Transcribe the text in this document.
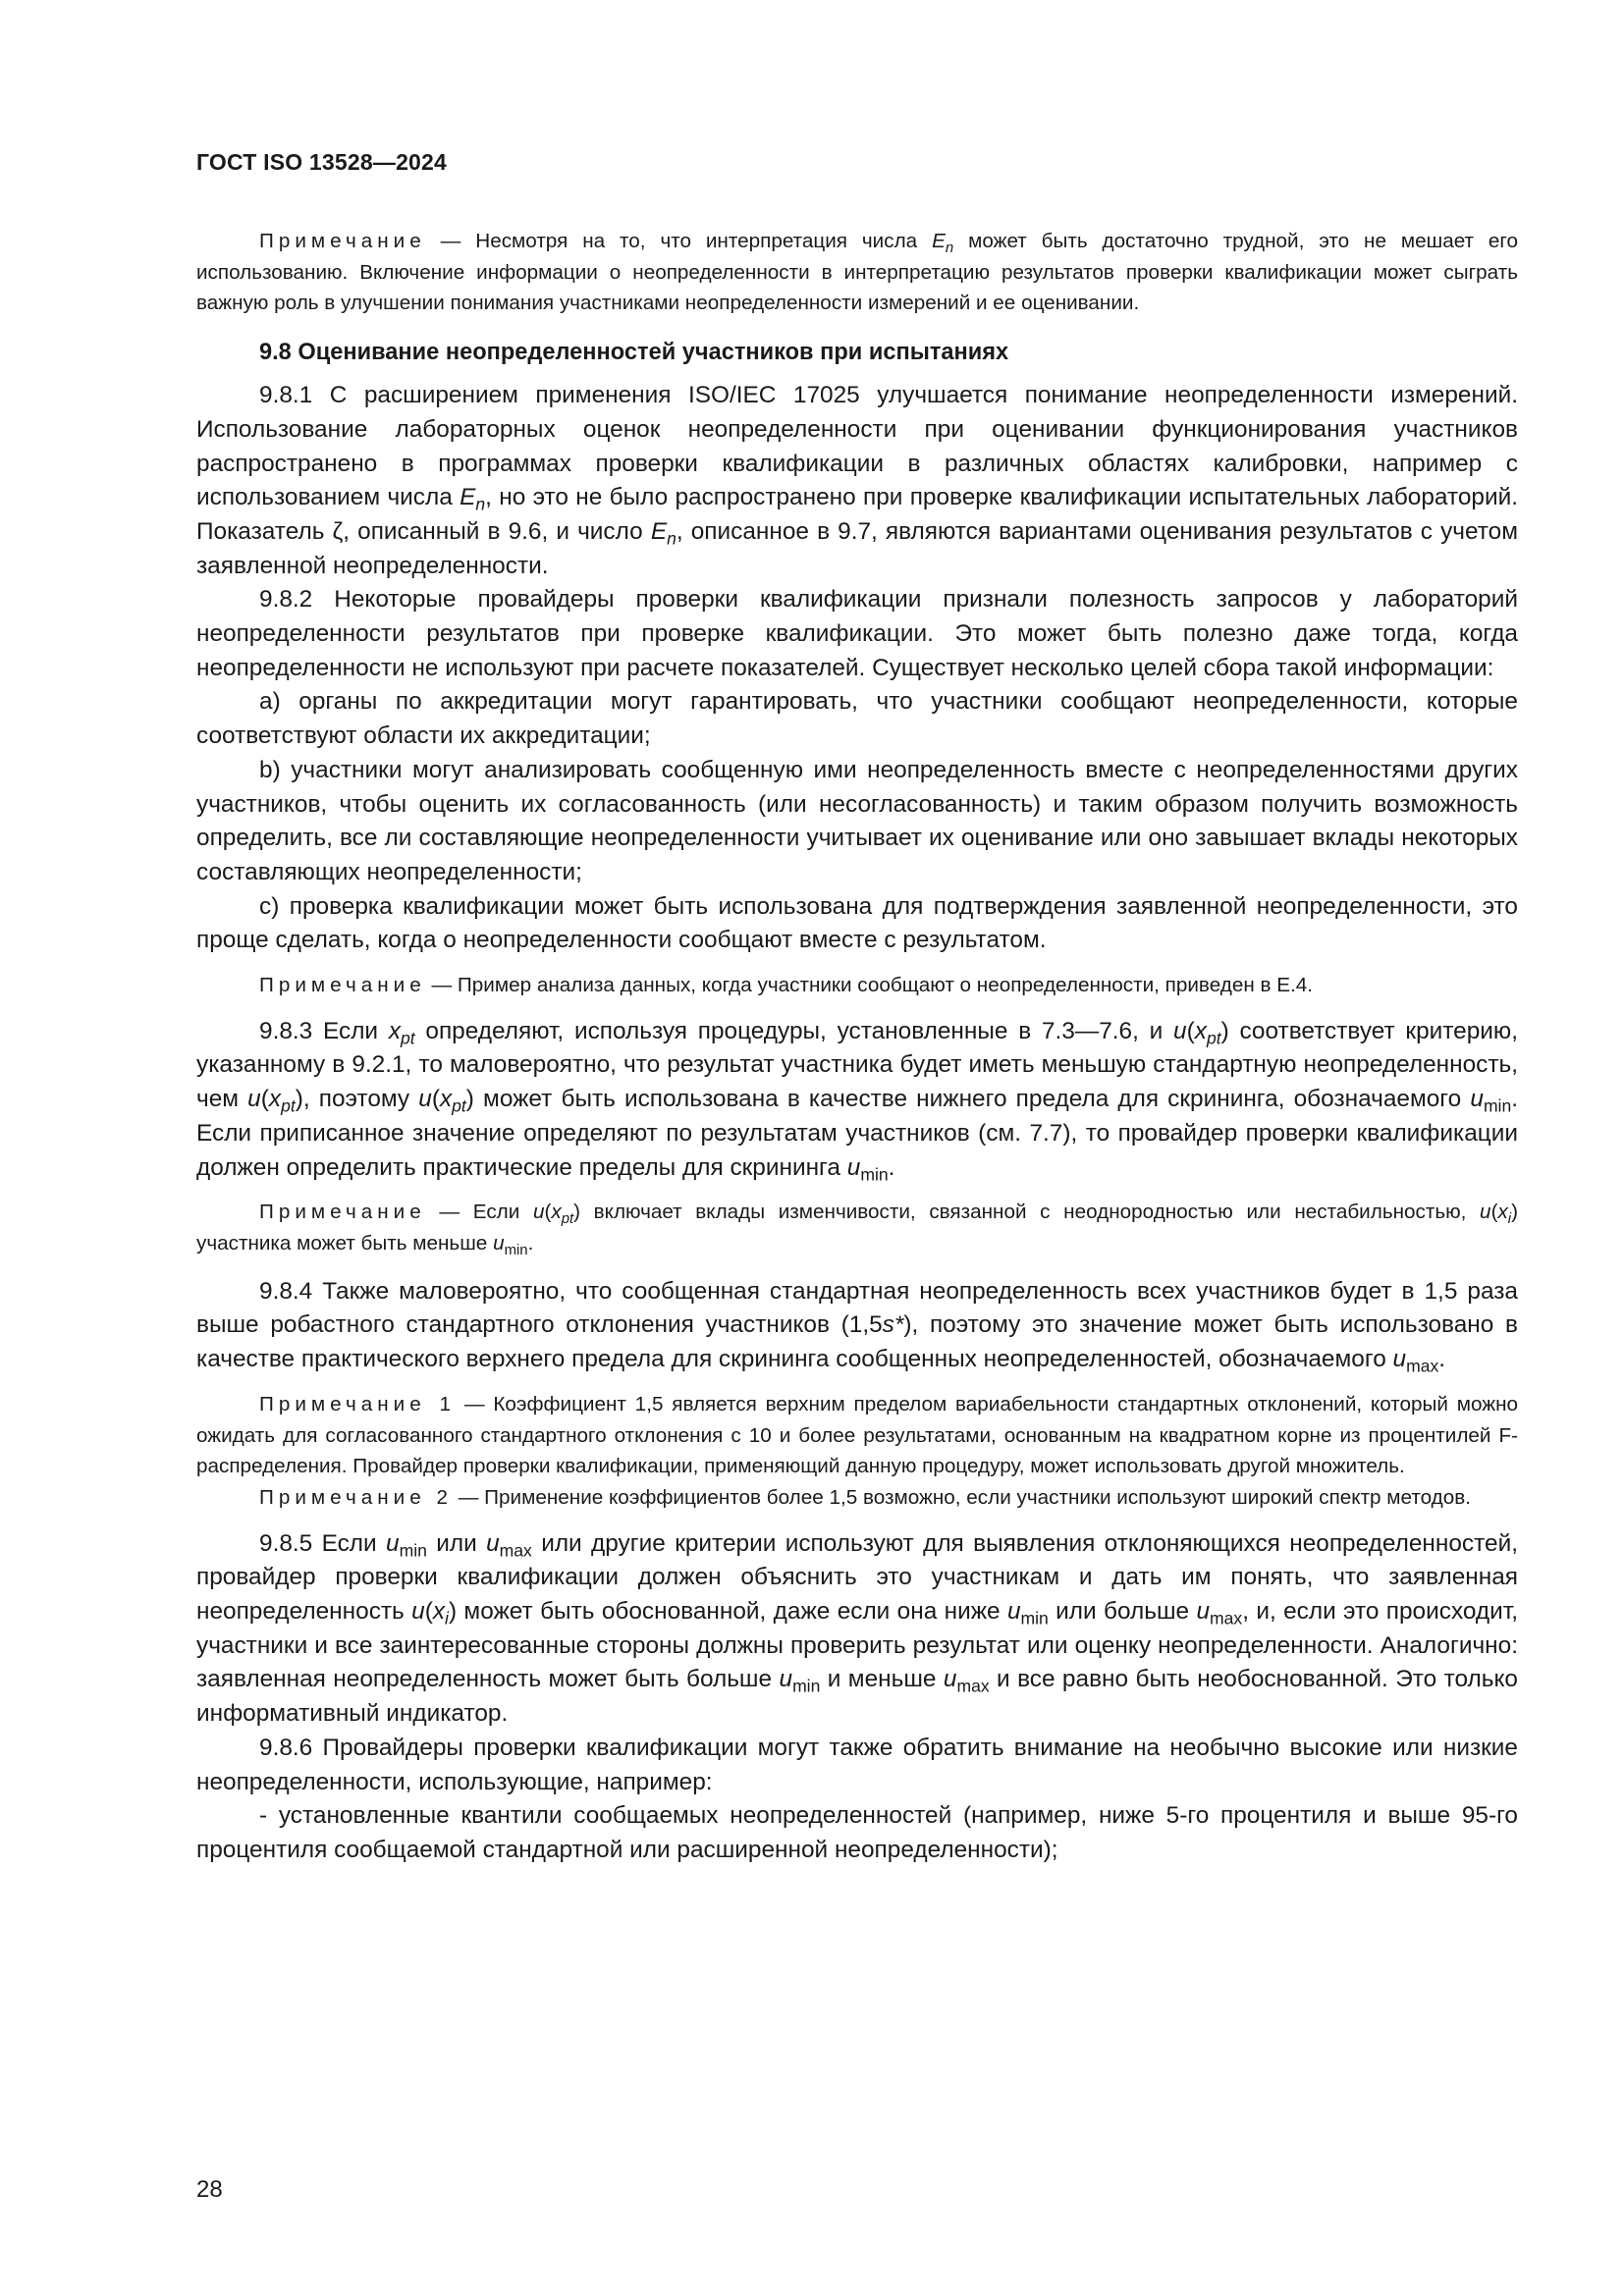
ГОСТ ISO 13528—2024

Примечание — Несмотря на то, что интерпретация числа $E_n$ может быть достаточно трудной, это не мешает его использованию. Включение информации о неопределенности в интерпретацию результатов проверки квалификации может сыграть важную роль в улучшении понимания участниками неопределенности измерений и ее оценивании.

9.8 Оценивание неопределенностей участников при испытаниях

9.8.1 С расширением применения ISO/IEC 17025 улучшается понимание неопределенности измерений. Использование лабораторных оценок неопределенности при оценивании функционирования участников распространено в программах проверки квалификации в различных областях калибровки, например с использованием числа $E_n$, но это не было распространено при проверке квалификации испытательных лабораторий. Показатель ζ, описанный в 9.6, и число $E_n$, описанное в 9.7, являются вариантами оценивания результатов с учетом заявленной неопределенности.

9.8.2 Некоторые провайдеры проверки квалификации признали полезность запросов у лабораторий неопределенности результатов при проверке квалификации. Это может быть полезно даже тогда, когда неопределенности не используют при расчете показателей. Существует несколько целей сбора такой информации:

a) органы по аккредитации могут гарантировать, что участники сообщают неопределенности, которые соответствуют области их аккредитации;

b) участники могут анализировать сообщенную ими неопределенность вместе с неопределенностями других участников, чтобы оценить их согласованность (или несогласованность) и таким образом получить возможность определить, все ли составляющие неопределенности учитывает их оценивание или оно завышает вклады некоторых составляющих неопределенности;

c) проверка квалификации может быть использована для подтверждения заявленной неопределенности, это проще сделать, когда о неопределенности сообщают вместе с результатом.

Примечание — Пример анализа данных, когда участники сообщают о неопределенности, приведен в Е.4.

9.8.3 Если $x_{pt}$ определяют, используя процедуры, установленные в 7.3—7.6, и $u(x_{pt})$ соответствует критерию, указанному в 9.2.1, то маловероятно, что результат участника будет иметь меньшую стандартную неопределенность, чем $u(x_{pt})$, поэтому $u(x_{pt})$ может быть использована в качестве нижнего предела для скрининга, обозначаемого $u_{min}$. Если приписанное значение определяют по результатам участников (см. 7.7), то провайдер проверки квалификации должен определить практические пределы для скрининга $u_{min}$.

Примечание — Если $u(x_{pt})$ включает вклады изменчивости, связанной с неоднородностью или нестабильностью, $u(x_i)$ участника может быть меньше $u_{min}$.

9.8.4 Также маловероятно, что сообщенная стандартная неопределенность всех участников будет в 1,5 раза выше робастного стандартного отклонения участников (1,5s*), поэтому это значение может быть использовано в качестве практического верхнего предела для скрининга сообщенных неопределенностей, обозначаемого $u_{max}$.

Примечание 1 — Коэффициент 1,5 является верхним пределом вариабельности стандартных отклонений, который можно ожидать для согласованного стандартного отклонения с 10 и более результатами, основанным на квадратном корне из процентилей F-распределения. Провайдер проверки квалификации, применяющий данную процедуру, может использовать другой множитель.

Примечание 2 — Применение коэффициентов более 1,5 возможно, если участники используют широкий спектр методов.

9.8.5 Если $u_{min}$ или $u_{max}$ или другие критерии используют для выявления отклоняющихся неопределенностей, провайдер проверки квалификации должен объяснить это участникам и дать им понять, что заявленная неопределенность $u(x_i)$ может быть обоснованной, даже если она ниже $u_{min}$ или больше $u_{max}$, и, если это происходит, участники и все заинтересованные стороны должны проверить результат или оценку неопределенности. Аналогично: заявленная неопределенность может быть больше $u_{min}$ и меньше $u_{max}$ и все равно быть необоснованной. Это только информативный индикатор.

9.8.6 Провайдеры проверки квалификации могут также обратить внимание на необычно высокие или низкие неопределенности, использующие, например:

- установленные квантили сообщаемых неопределенностей (например, ниже 5-го процентиля и выше 95-го процентиля сообщаемой стандартной или расширенной неопределенности);

28
